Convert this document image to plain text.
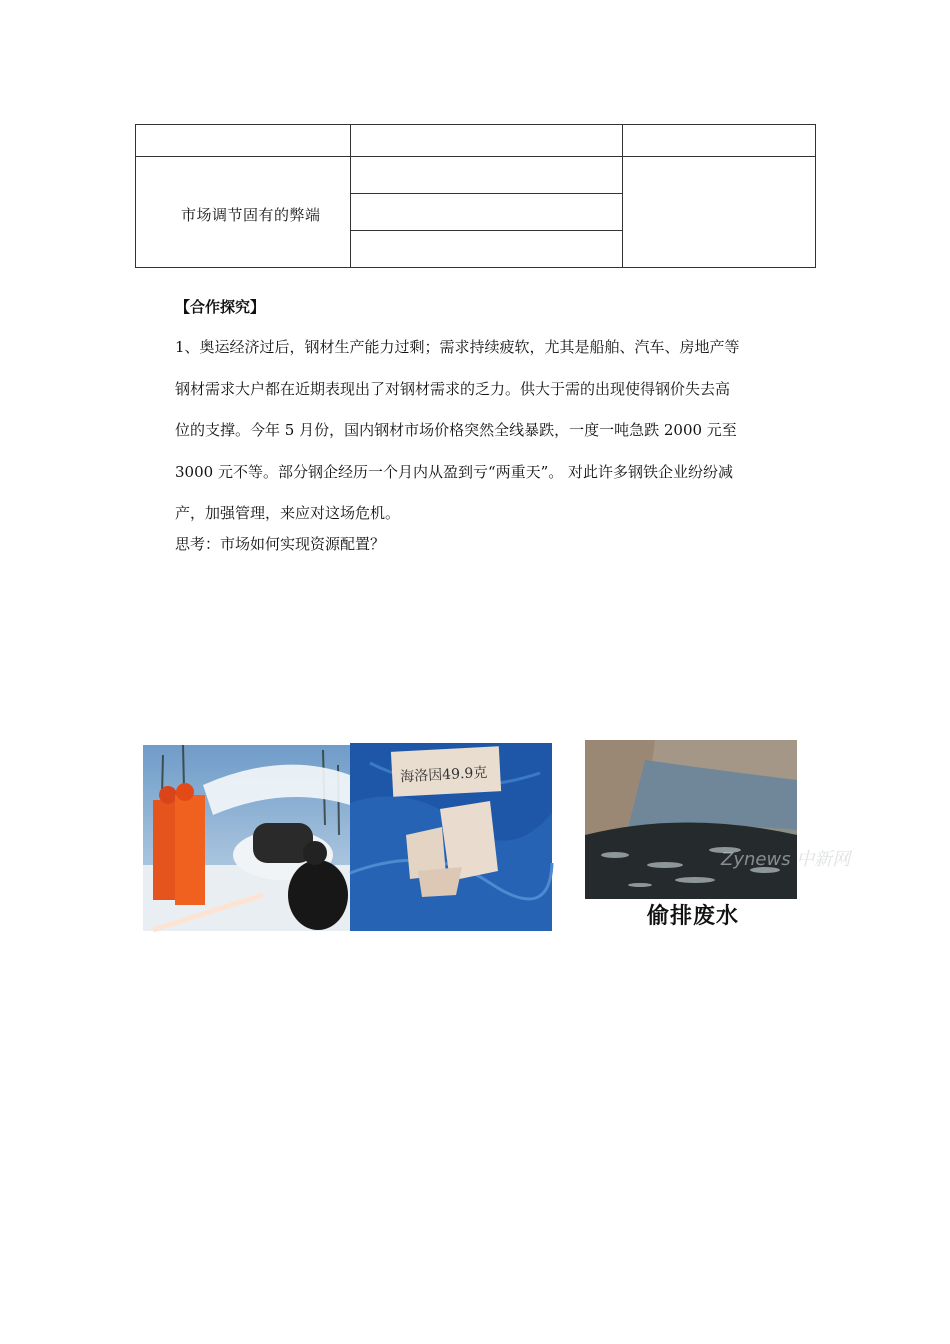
市场调节固有的弊端
【合作探究】
1、奥运经济过后，钢材生产能力过剩；需求持续疲软，尤其是船舶、汽车、房地产等
钢材需求大户都在近期表现出了对钢材需求的乏力。供大于需的出现使得钢价失去高
位的支撑。今年 5 月份，国内钢材市场价格突然全线暴跌，一度一吨急跌 2000 元至
3000 元不等。部分钢企经历一个月内从盈到亏“两重天”。 对此许多钢铁企业纷纷减
产，加强管理，来应对这场危机。
思考：市场如何实现资源配置？
海洛因49.9克
Zynews 中新网
偷排废水
